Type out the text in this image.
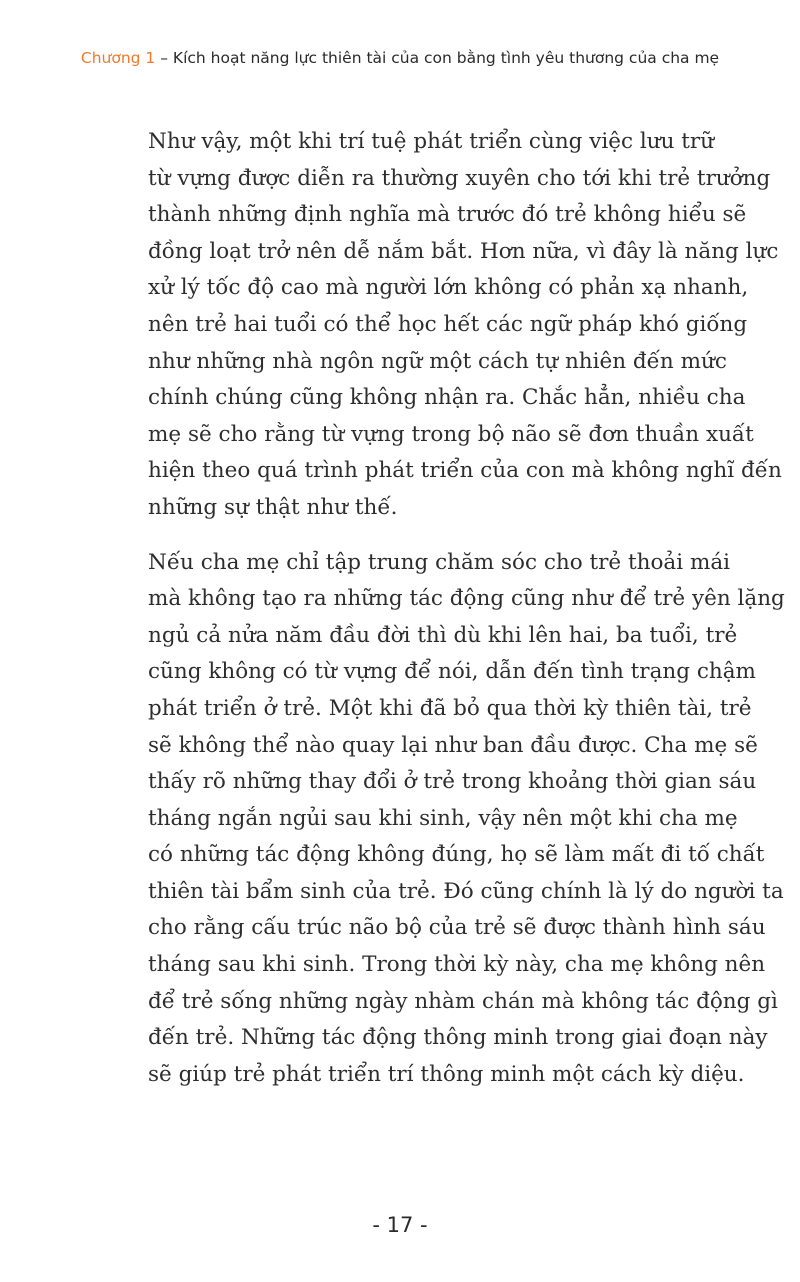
Chương 1 – Kích hoạt năng lực thiên tài của con bằng tình yêu thương của cha mẹ

Như vậy, một khi trí tuệ phát triển cùng việc lưu trữ
từ vựng được diễn ra thường xuyên cho tới khi trẻ trưởng
thành những định nghĩa mà trước đó trẻ không hiểu sẽ
đồng loạt trở nên dễ nắm bắt. Hơn nữa, vì đây là năng lực
xử lý tốc độ cao mà người lớn không có phản xạ nhanh,
nên trẻ hai tuổi có thể học hết các ngữ pháp khó giống
như những nhà ngôn ngữ một cách tự nhiên đến mức
chính chúng cũng không nhận ra. Chắc hẳn, nhiều cha
mẹ sẽ cho rằng từ vựng trong bộ não sẽ đơn thuần xuất
hiện theo quá trình phát triển của con mà không nghĩ đến
những sự thật như thế.

Nếu cha mẹ chỉ tập trung chăm sóc cho trẻ thoải mái
mà không tạo ra những tác động cũng như để trẻ yên lặng
ngủ cả nửa năm đầu đời thì dù khi lên hai, ba tuổi, trẻ
cũng không có từ vựng để nói, dẫn đến tình trạng chậm
phát triển ở trẻ. Một khi đã bỏ qua thời kỳ thiên tài, trẻ
sẽ không thể nào quay lại như ban đầu được. Cha mẹ sẽ
thấy rõ những thay đổi ở trẻ trong khoảng thời gian sáu
tháng ngắn ngủi sau khi sinh, vậy nên một khi cha mẹ
có những tác động không đúng, họ sẽ làm mất đi tố chất
thiên tài bẩm sinh của trẻ. Đó cũng chính là lý do người ta
cho rằng cấu trúc não bộ của trẻ sẽ được thành hình sáu
tháng sau khi sinh. Trong thời kỳ này, cha mẹ không nên
để trẻ sống những ngày nhàm chán mà không tác động gì
đến trẻ. Những tác động thông minh trong giai đoạn này
sẽ giúp trẻ phát triển trí thông minh một cách kỳ diệu.

- 17 -
